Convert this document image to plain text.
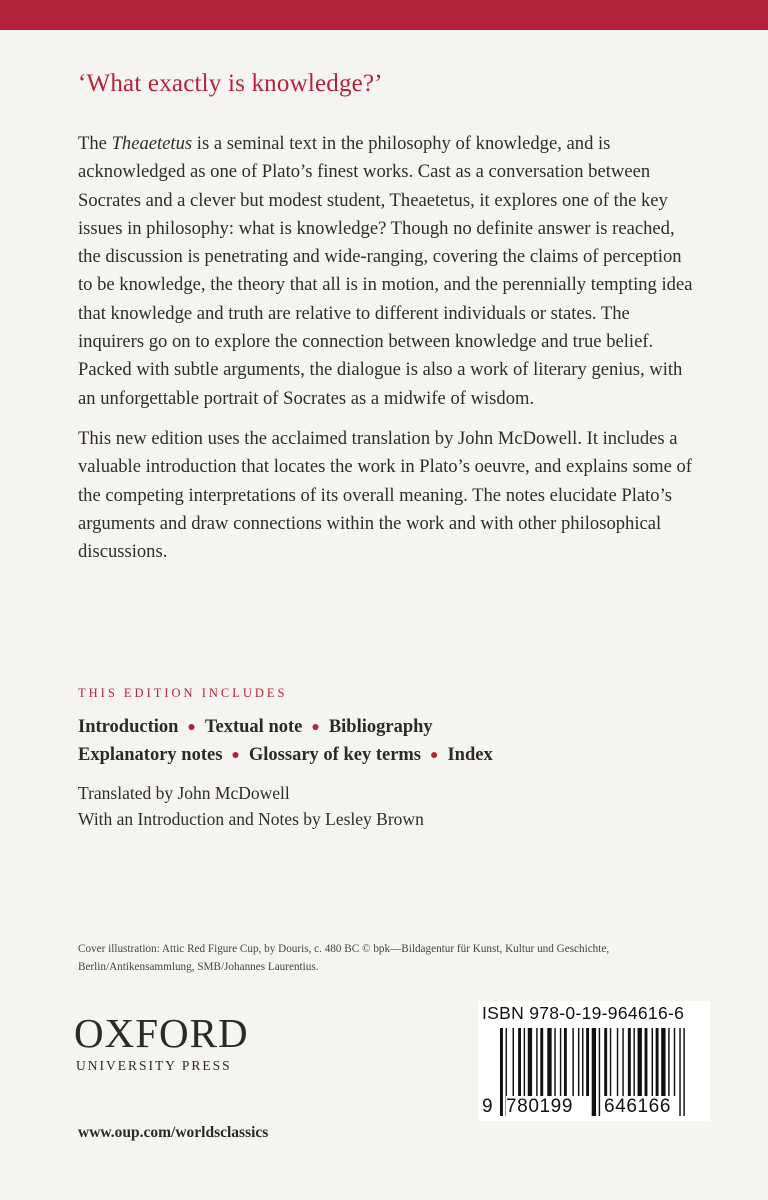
‘What exactly is knowledge?’

The Theaetetus is a seminal text in the philosophy of knowledge, and is acknowledged as one of Plato’s finest works. Cast as a conversation between Socrates and a clever but modest student, Theaetetus, it explores one of the key issues in philosophy: what is knowledge? Though no definite answer is reached, the discussion is penetrating and wide-ranging, covering the claims of perception to be knowledge, the theory that all is in motion, and the perennially tempting idea that knowledge and truth are relative to different individuals or states. The inquirers go on to explore the connection between knowledge and true belief. Packed with subtle arguments, the dialogue is also a work of literary genius, with an unforgettable portrait of Socrates as a midwife of wisdom.

This new edition uses the acclaimed translation by John McDowell. It includes a valuable introduction that locates the work in Plato’s oeuvre, and explains some of the competing interpretations of its overall meaning. The notes elucidate Plato’s arguments and draw connections within the work and with other philosophical discussions.

THIS EDITION INCLUDES
Introduction ● Textual note ● Bibliography
Explanatory notes ● Glossary of key terms ● Index
Translated by John McDowell
With an Introduction and Notes by Lesley Brown
Cover illustration: Attic Red Figure Cup, by Douris, c. 480 BC © bpk—Bildagentur für Kunst, Kultur und Geschichte, Berlin/Antikensammlung, SMB/Johannes Laurentius.
OXFORD
UNIVERSITY PRESS
www.oup.com/worldsclassics
ISBN 978-0-19-964616-6
9 780199 646166
